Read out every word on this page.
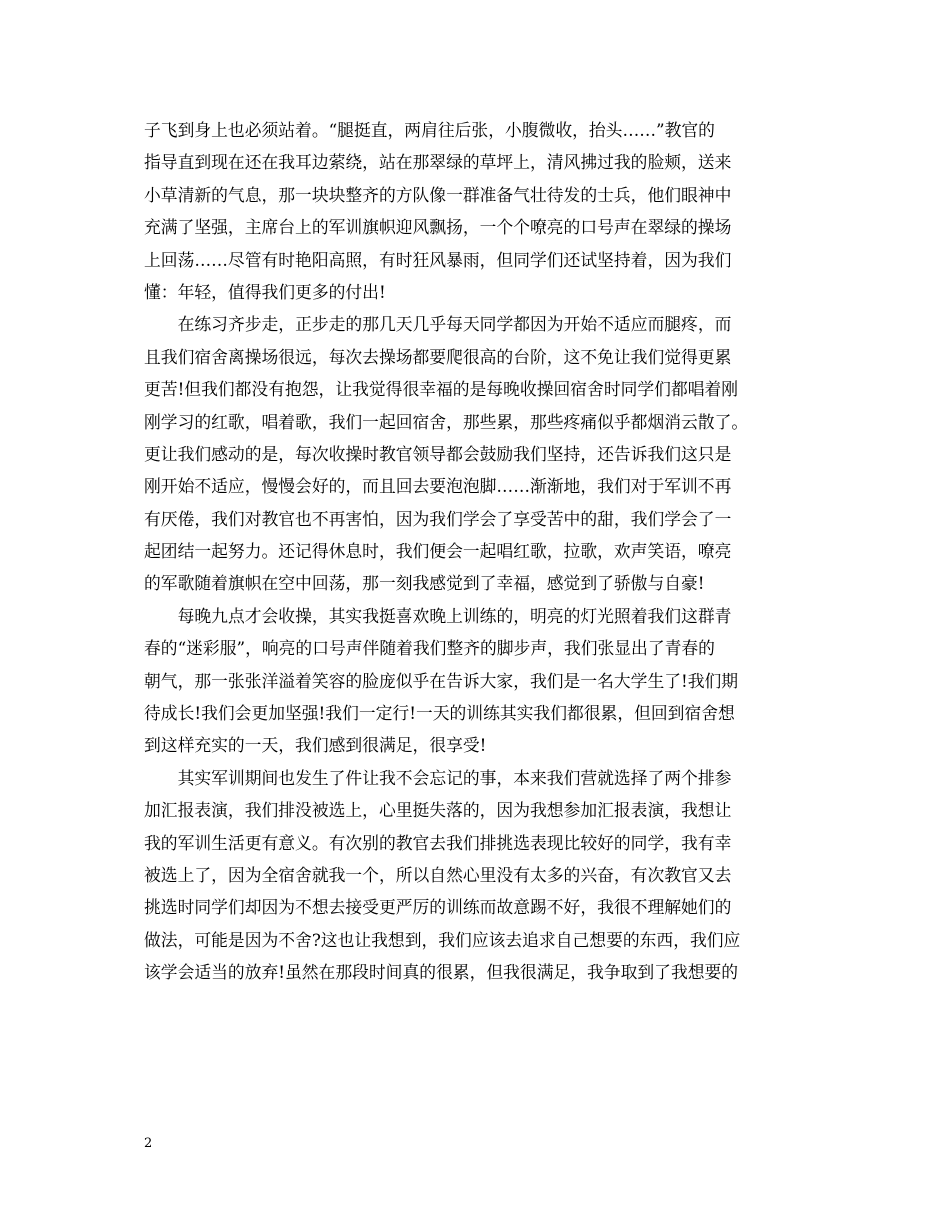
子飞到身上也必须站着。“腿挺直，两肩往后张，小腹微收，抬头……”教官的
指导直到现在还在我耳边萦绕，站在那翠绿的草坪上，清风拂过我的脸颊，送来
小草清新的气息，那一块块整齐的方队像一群准备气壮待发的士兵，他们眼神中
充满了坚强，主席台上的军训旗帜迎风飘扬，一个个嘹亮的口号声在翠绿的操场
上回荡……尽管有时艳阳高照，有时狂风暴雨，但同学们还试坚持着，因为我们
懂：年轻，值得我们更多的付出!
在练习齐步走，正步走的那几天几乎每天同学都因为开始不适应而腿疼，而
且我们宿舍离操场很远，每次去操场都要爬很高的台阶，这不免让我们觉得更累
更苦!但我们都没有抱怨，让我觉得很幸福的是每晚收操回宿舍时同学们都唱着刚
刚学习的红歌，唱着歌，我们一起回宿舍，那些累，那些疼痛似乎都烟消云散了。
更让我们感动的是，每次收操时教官领导都会鼓励我们坚持，还告诉我们这只是
刚开始不适应，慢慢会好的，而且回去要泡泡脚……渐渐地，我们对于军训不再
有厌倦，我们对教官也不再害怕，因为我们学会了享受苦中的甜，我们学会了一
起团结一起努力。还记得休息时，我们便会一起唱红歌，拉歌，欢声笑语，嘹亮
的军歌随着旗帜在空中回荡，那一刻我感觉到了幸福，感觉到了骄傲与自豪!
每晚九点才会收操，其实我挺喜欢晚上训练的，明亮的灯光照着我们这群青
春的“迷彩服”，响亮的口号声伴随着我们整齐的脚步声，我们张显出了青春的
朝气，那一张张洋溢着笑容的脸庞似乎在告诉大家，我们是一名大学生了!我们期
待成长!我们会更加坚强!我们一定行!一天的训练其实我们都很累，但回到宿舍想
到这样充实的一天，我们感到很满足，很享受!
其实军训期间也发生了件让我不会忘记的事，本来我们营就选择了两个排参
加汇报表演，我们排没被选上，心里挺失落的，因为我想参加汇报表演，我想让
我的军训生活更有意义。有次别的教官去我们排挑选表现比较好的同学，我有幸
被选上了，因为全宿舍就我一个，所以自然心里没有太多的兴奋，有次教官又去
挑选时同学们却因为不想去接受更严厉的训练而故意踢不好，我很不理解她们的
做法，可能是因为不舍?这也让我想到，我们应该去追求自己想要的东西，我们应
该学会适当的放弃!虽然在那段时间真的很累，但我很满足，我争取到了我想要的
2
